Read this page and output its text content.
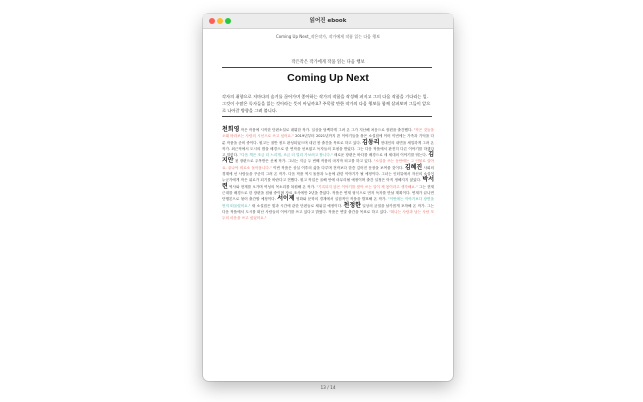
읽어진 ebook
Coming Up Next_작은작가, 작가에게 작품 읽는 다음 행보
작은작은 작가에게 작품 읽는 다음 행보
Coming Up Next
각자의 취향으로 저마다의 숨겨를 끊어가며 좋아하는 작가의 작품을 작성해 펴지고 그의 다음 작품을 기다리는 일. 그것이 수많은 독자들을 읽는 것이라는 뜻이 아닐까요? 주목할 만한 작가의 다음 행보를 함께 살펴보며 그들이 앞으로 나아갈 방향을 그려 봅니다.
천희영 작은 작품에 시작한 단편소설로 데뷔한 작가. 일상을 담백하게 그려 온 그가 지난해 처음으로 장편을 출간했다. "작은 것들을 오래 바라보는 사람의 시선으로 쓰고 싶어요." 2019년부터 2021년까지 쓴 이야기들을 묶은 소설집에 이어 이번에는 가족과 기억을 다룬 작품을 준비 중이다. 원고는 절반 정도 완성되었으며 내년 봄 출간을 목표로 하고 있다. 김동리 현대인의 내면을 세밀하게 그려 온 작가. 최근작에서 도시의 밤을 배경으로 한 연작을 선보였고 독자들의 호평을 받았다. 그는 다음 작품에서 완전히 다른 이야기를 하겠다고 말한다. "다음 책은 조금 더 느리게, 조금 더 멀리 가보려고 합니다." 새로운 장편은 바다를 배경으로 세 세대의 이야기를 엮는다. 김지안 첫 장편으로 주목받은 신예 작가. 그녀는 지금 두 번째 작품의 마지막 퇴고를 하고 있다. "소설을 쓰는 동안에는 그 인물로 살아요. 끝나야 비로소 돌아옵니다." 이번 작품은 상실 이후의 삶을 다루며 전작보다 한층 깊어진 문장을 보여줄 것이다. 김혜진 사회의 경계에 선 사람들을 꾸준히 그려 온 작가. 다음 작품 역시 돌봄과 노동에 관한 이야기가 될 예정이다. 그녀는 인터뷰에서 자신의 소설이 누군가에게 작은 위로가 되기를 바란다고 전했다. 원고 작업은 올해 안에 마무리될 예정이며 출간 일정은 아직 정해지지 않았다. 박서련 역사와 현재를 오가며 여성의 목소리를 복원해 온 작가. "기록되지 않은 이야기를 찾아 쓰는 일이 제 몫이라고 생각해요." 그는 현재 근대를 배경으로 한 장편을 집필 중이며 자료 조사에만 2년을 쏟았다. 작품은 연재 형식으로 먼저 독자를 만날 계획이다. 연재가 끝나면 단행본으로 묶어 출간할 예정이다. 서이제 영화와 문학의 경계에서 실험적인 작품을 발표해 온 작가. "이번에는 이야기보다 장면을 먼저 떠올렸어요." 새 소설집은 빛과 시간에 관한 단편들로 채워질 예정이다. 천정한 일상의 균열을 날카롭게 포착해 온 작가. 그는 다음 작품에서 도시를 떠난 사람들의 이야기를 쓰고 있다고 밝혔다. 작품은 연말 출간을 목표로 하고 있다. "떠나는 사람과 남는 사람 모두의 마음을 쓰고 싶었어요."
13 / 14
